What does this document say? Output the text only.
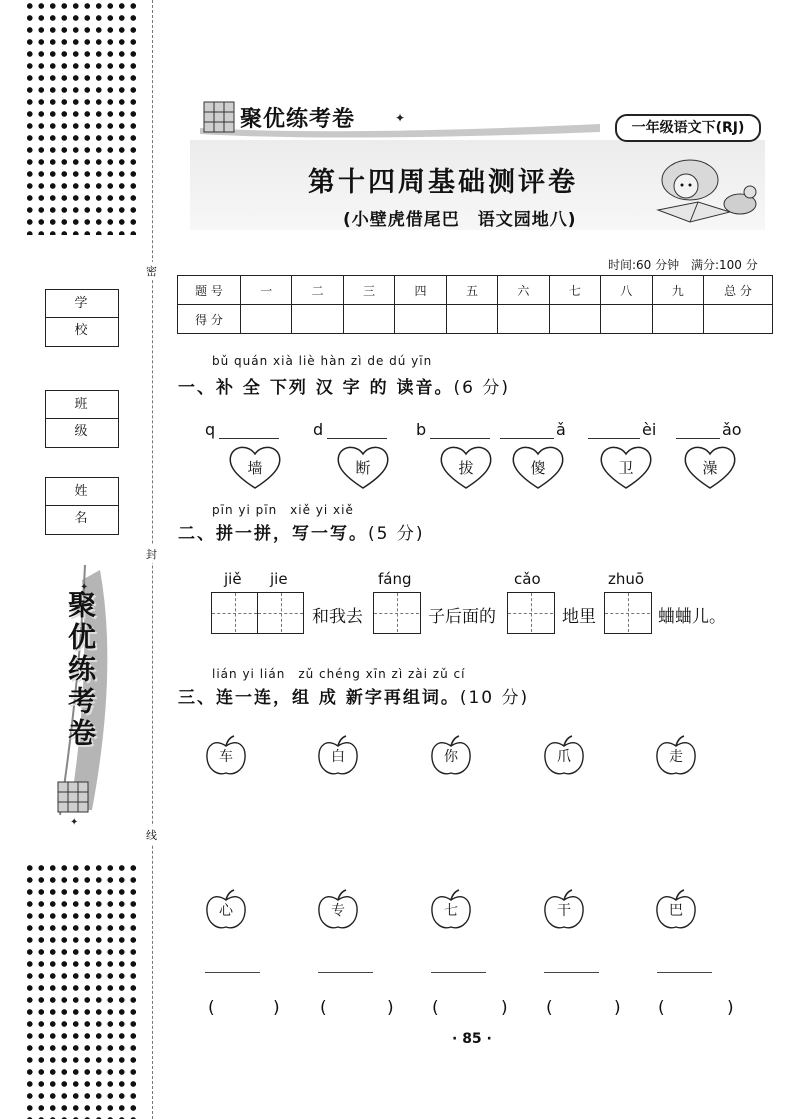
密
封
线
学 校
班 级
姓 名
✦
✦
聚优练考卷
✦
聚优练考卷	一年级语文下(RJ)
第十四周基础测评卷
(小壁虎借尾巴　语文园地八)
时间:60 分钟 满分:100 分
题 号	一	二	三	四	五	六	七	八	九	总 分
得 分										
bǔ quán xià liè hàn zì de dú yīn
一、补 全 下列 汉 字 的 读音。(6 分)
q
墙
d
断
b
拔
ǎ
傻
èi
卫
ǎo
澡
pīn yi pīn　xiě yi xiě
二、拼一拼，写一写。(5 分)
jiě jie
和我去
fáng
子后面的
cǎo
地里
zhuō
蛐蛐儿。
lián yi lián　zǔ chéng xīn zì zài zǔ cí
三、连一连，组 成 新字再组词。(10 分)
车	白	你	爪	走
心	专	七	干	巴
(	) (	) (	) (	) (	)
· 85 ·
